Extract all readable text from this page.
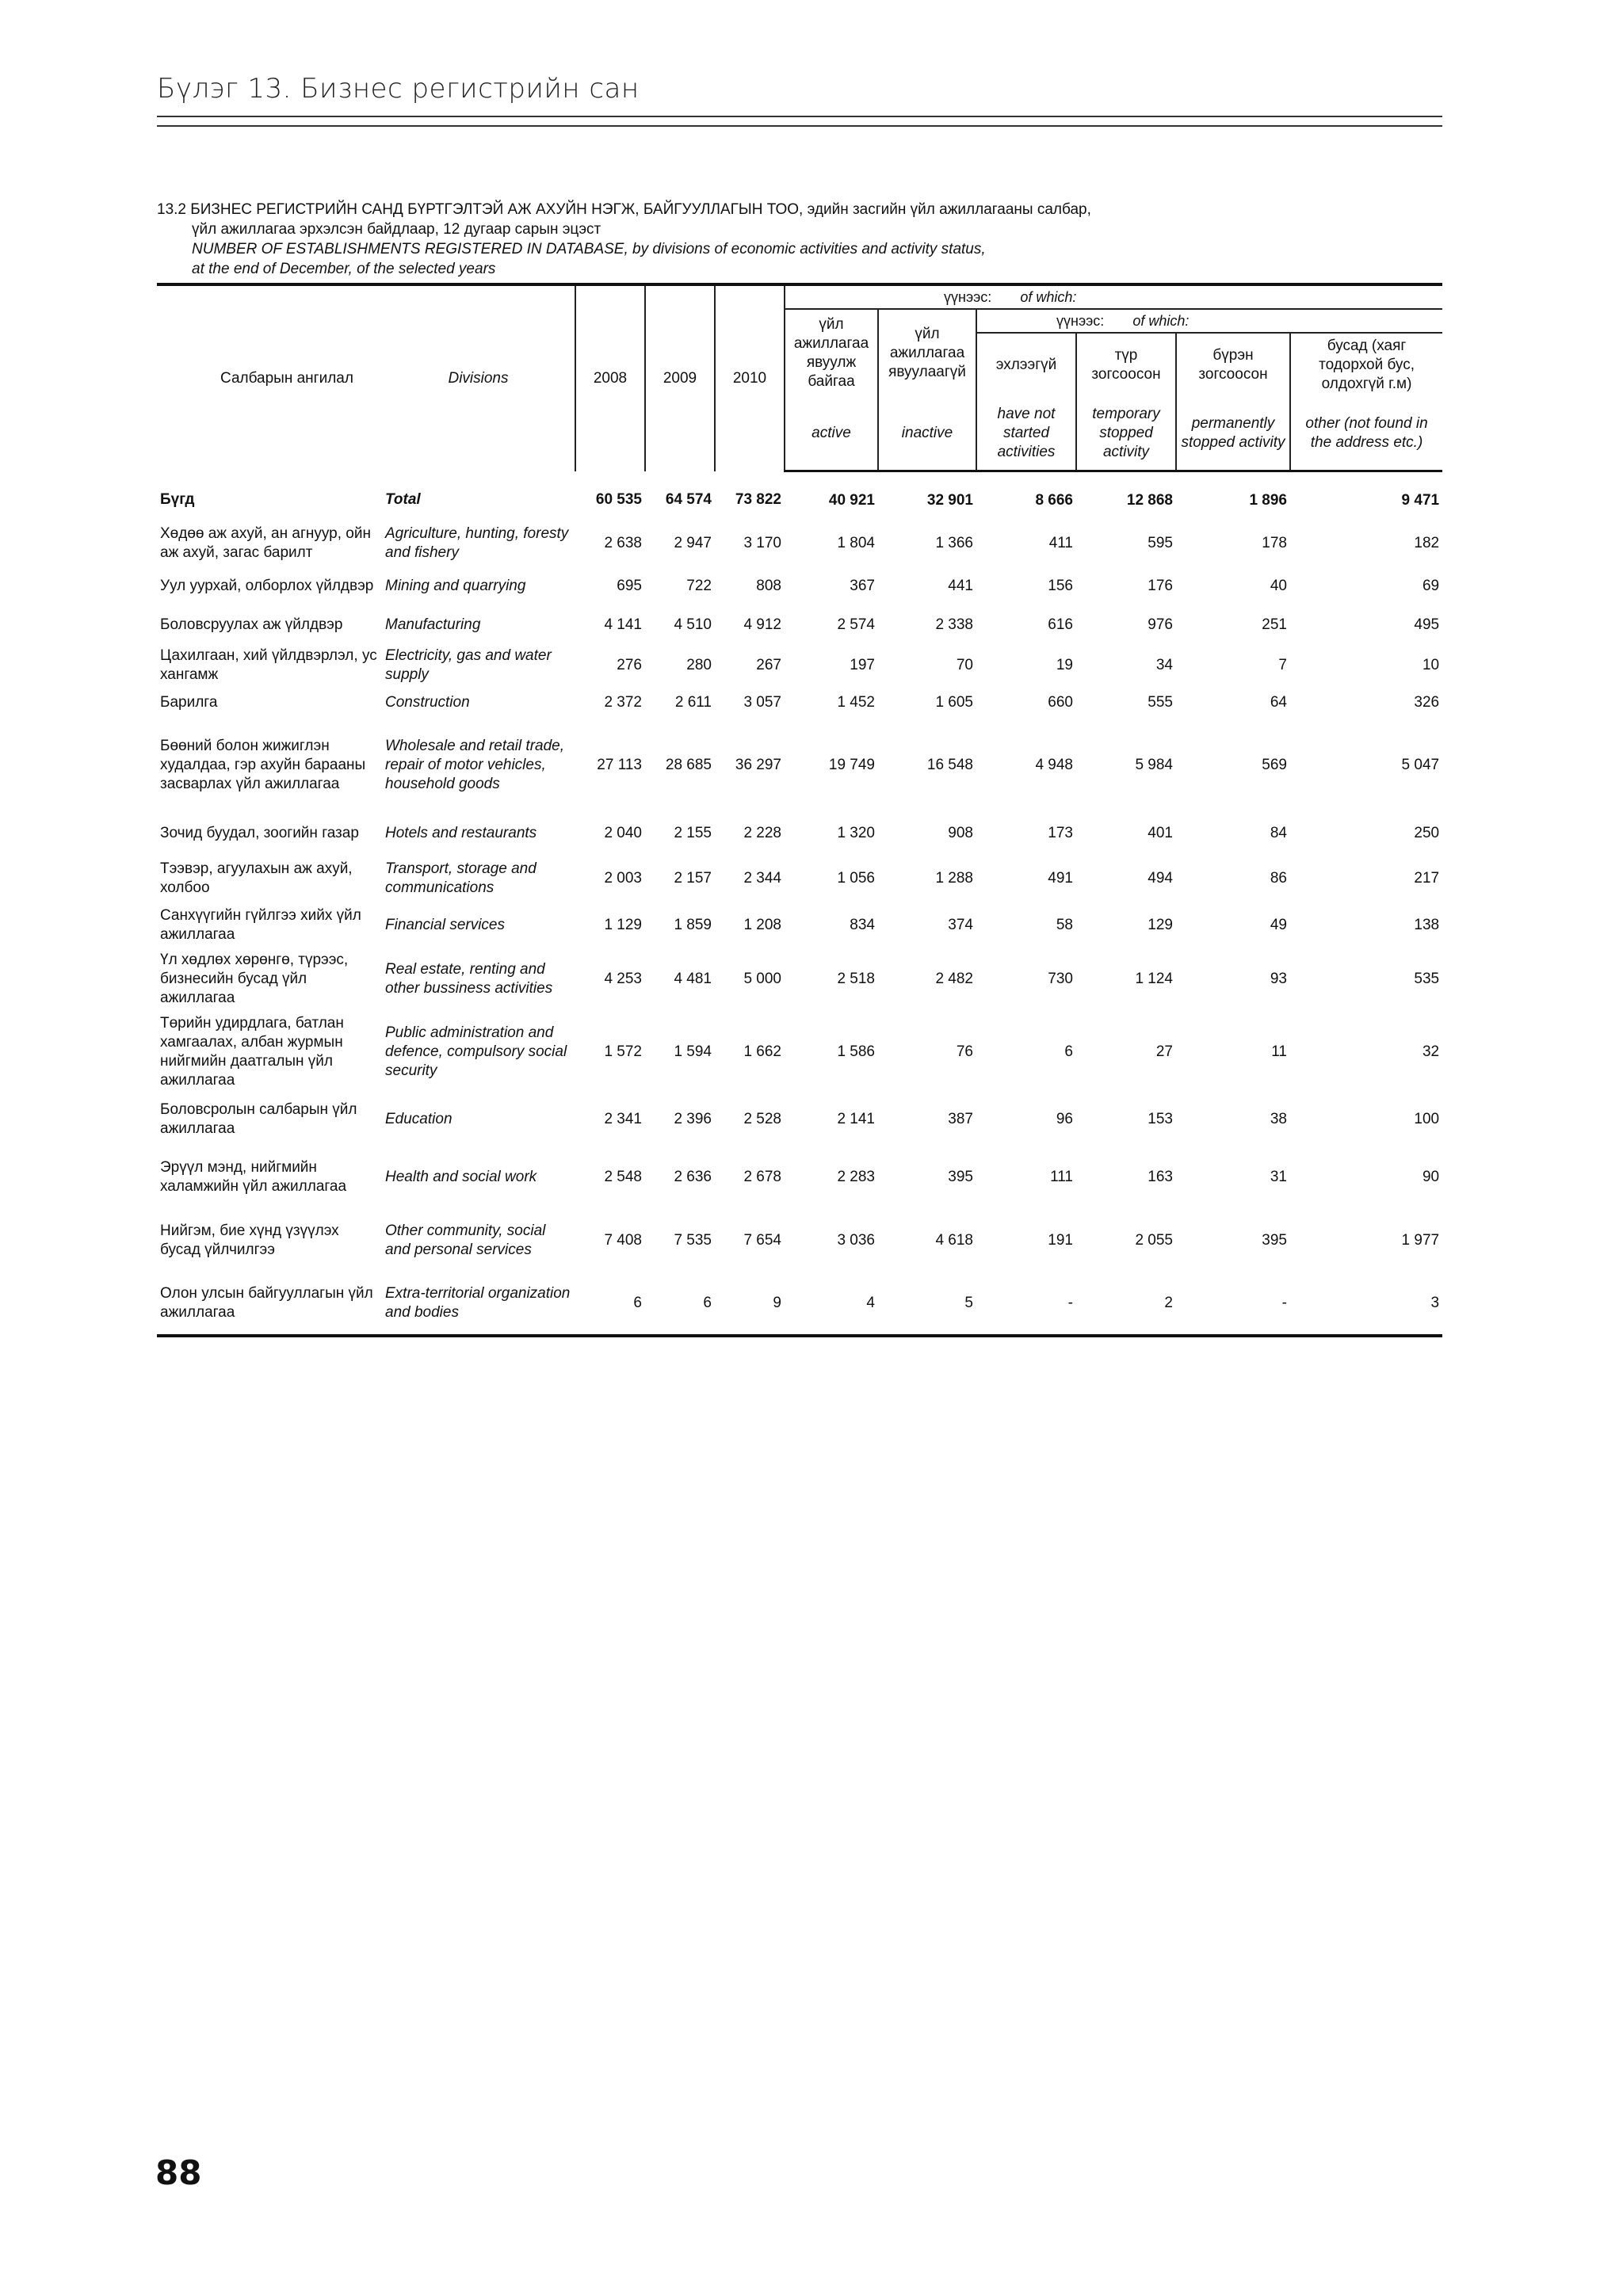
Бүлэг 13. Бизнес регистрийн сан
13.2 БИЗНЕС РЕГИСТРИЙН САНД БҮРТГЭЛТЭЙ АЖ АХУЙН НЭГЖ, БАЙГУУЛЛАГЫН ТОО, эдийн засгийн үйл ажиллагааны салбар,
үйл ажиллагаа эрхэлсэн байдлаар, 12 дугаар сарын эцэст
NUMBER OF ESTABLISHMENTS REGISTERED IN DATABASE, by divisions of economic activities and activity status,
at the end of December, of the selected years
Салбарын ангилал	Divisions	2008	2009	2010	үүнээс: of which:					
					үйл ажиллагаа явуулж байгаа	үйл ажиллагаа явуулаагүй	үүнээс: of which:			
							эхлээгүй	түр зогсоосон	бүрэн зогсоосон	бусад (хаяг тодорхой бус, олдохгүй г.м)
					active	inactive	have not started activities	temporary stopped activity	permanently stopped activity	other (not found in the address etc.)
Бүгд	Total	60 535	64 574	73 822	40 921	32 901	8 666	12 868	1 896	9 471
Хөдөө аж ахуй, ан агнуур, ойн аж ахуй, загас барилт	Agriculture, hunting, foresty and fishery	2 638	2 947	3 170	1 804	1 366	411	595	178	182
Уул уурхай, олборлох үйлдвэр	Mining and quarrying	695	722	808	367	441	156	176	40	69
Боловсруулах аж үйлдвэр	Manufacturing	4 141	4 510	4 912	2 574	2 338	616	976	251	495
Цахилгаан, хий үйлдвэрлэл, ус хангамж	Electricity, gas and water supply	276	280	267	197	70	19	34	7	10
Барилга	Construction	2 372	2 611	3 057	1 452	1 605	660	555	64	326
Бөөний болон жижиглэн худалдаа, гэр ахуйн барааны засварлах үйл ажиллагаа	Wholesale and retail trade, repair of motor vehicles, household goods	27 113	28 685	36 297	19 749	16 548	4 948	5 984	569	5 047
Зочид буудал, зоогийн газар	Hotels and restaurants	2 040	2 155	2 228	1 320	908	173	401	84	250
Тээвэр, агуулахын аж ахуй, холбоо	Transport, storage and communications	2 003	2 157	2 344	1 056	1 288	491	494	86	217
Санхүүгийн гүйлгээ хийх үйл ажиллагаа	Financial services	1 129	1 859	1 208	834	374	58	129	49	138
Үл хөдлөх хөрөнгө, түрээс, бизнесийн бусад үйл ажиллагаа	Real estate, renting and other bussiness activities	4 253	4 481	5 000	2 518	2 482	730	1 124	93	535
Төрийн удирдлага, батлан хамгаалах, албан журмын нийгмийн даатгалын үйл ажиллагаа	Public administration and defence, compulsory social security	1 572	1 594	1 662	1 586	76	6	27	11	32
Боловсролын салбарын үйл ажиллагаа	Education	2 341	2 396	2 528	2 141	387	96	153	38	100
Эрүүл мэнд, нийгмийн халамжийн үйл ажиллагаа	Health and social work	2 548	2 636	2 678	2 283	395	111	163	31	90
Нийгэм, бие хүнд үзүүлэх бусад үйлчилгээ	Other community, social and personal services	7 408	7 535	7 654	3 036	4 618	191	2 055	395	1 977
Олон улсын байгууллагын үйл ажиллагаа	Extra-territorial organization and bodies	6	6	9	4	5	-	2	-	3
88
